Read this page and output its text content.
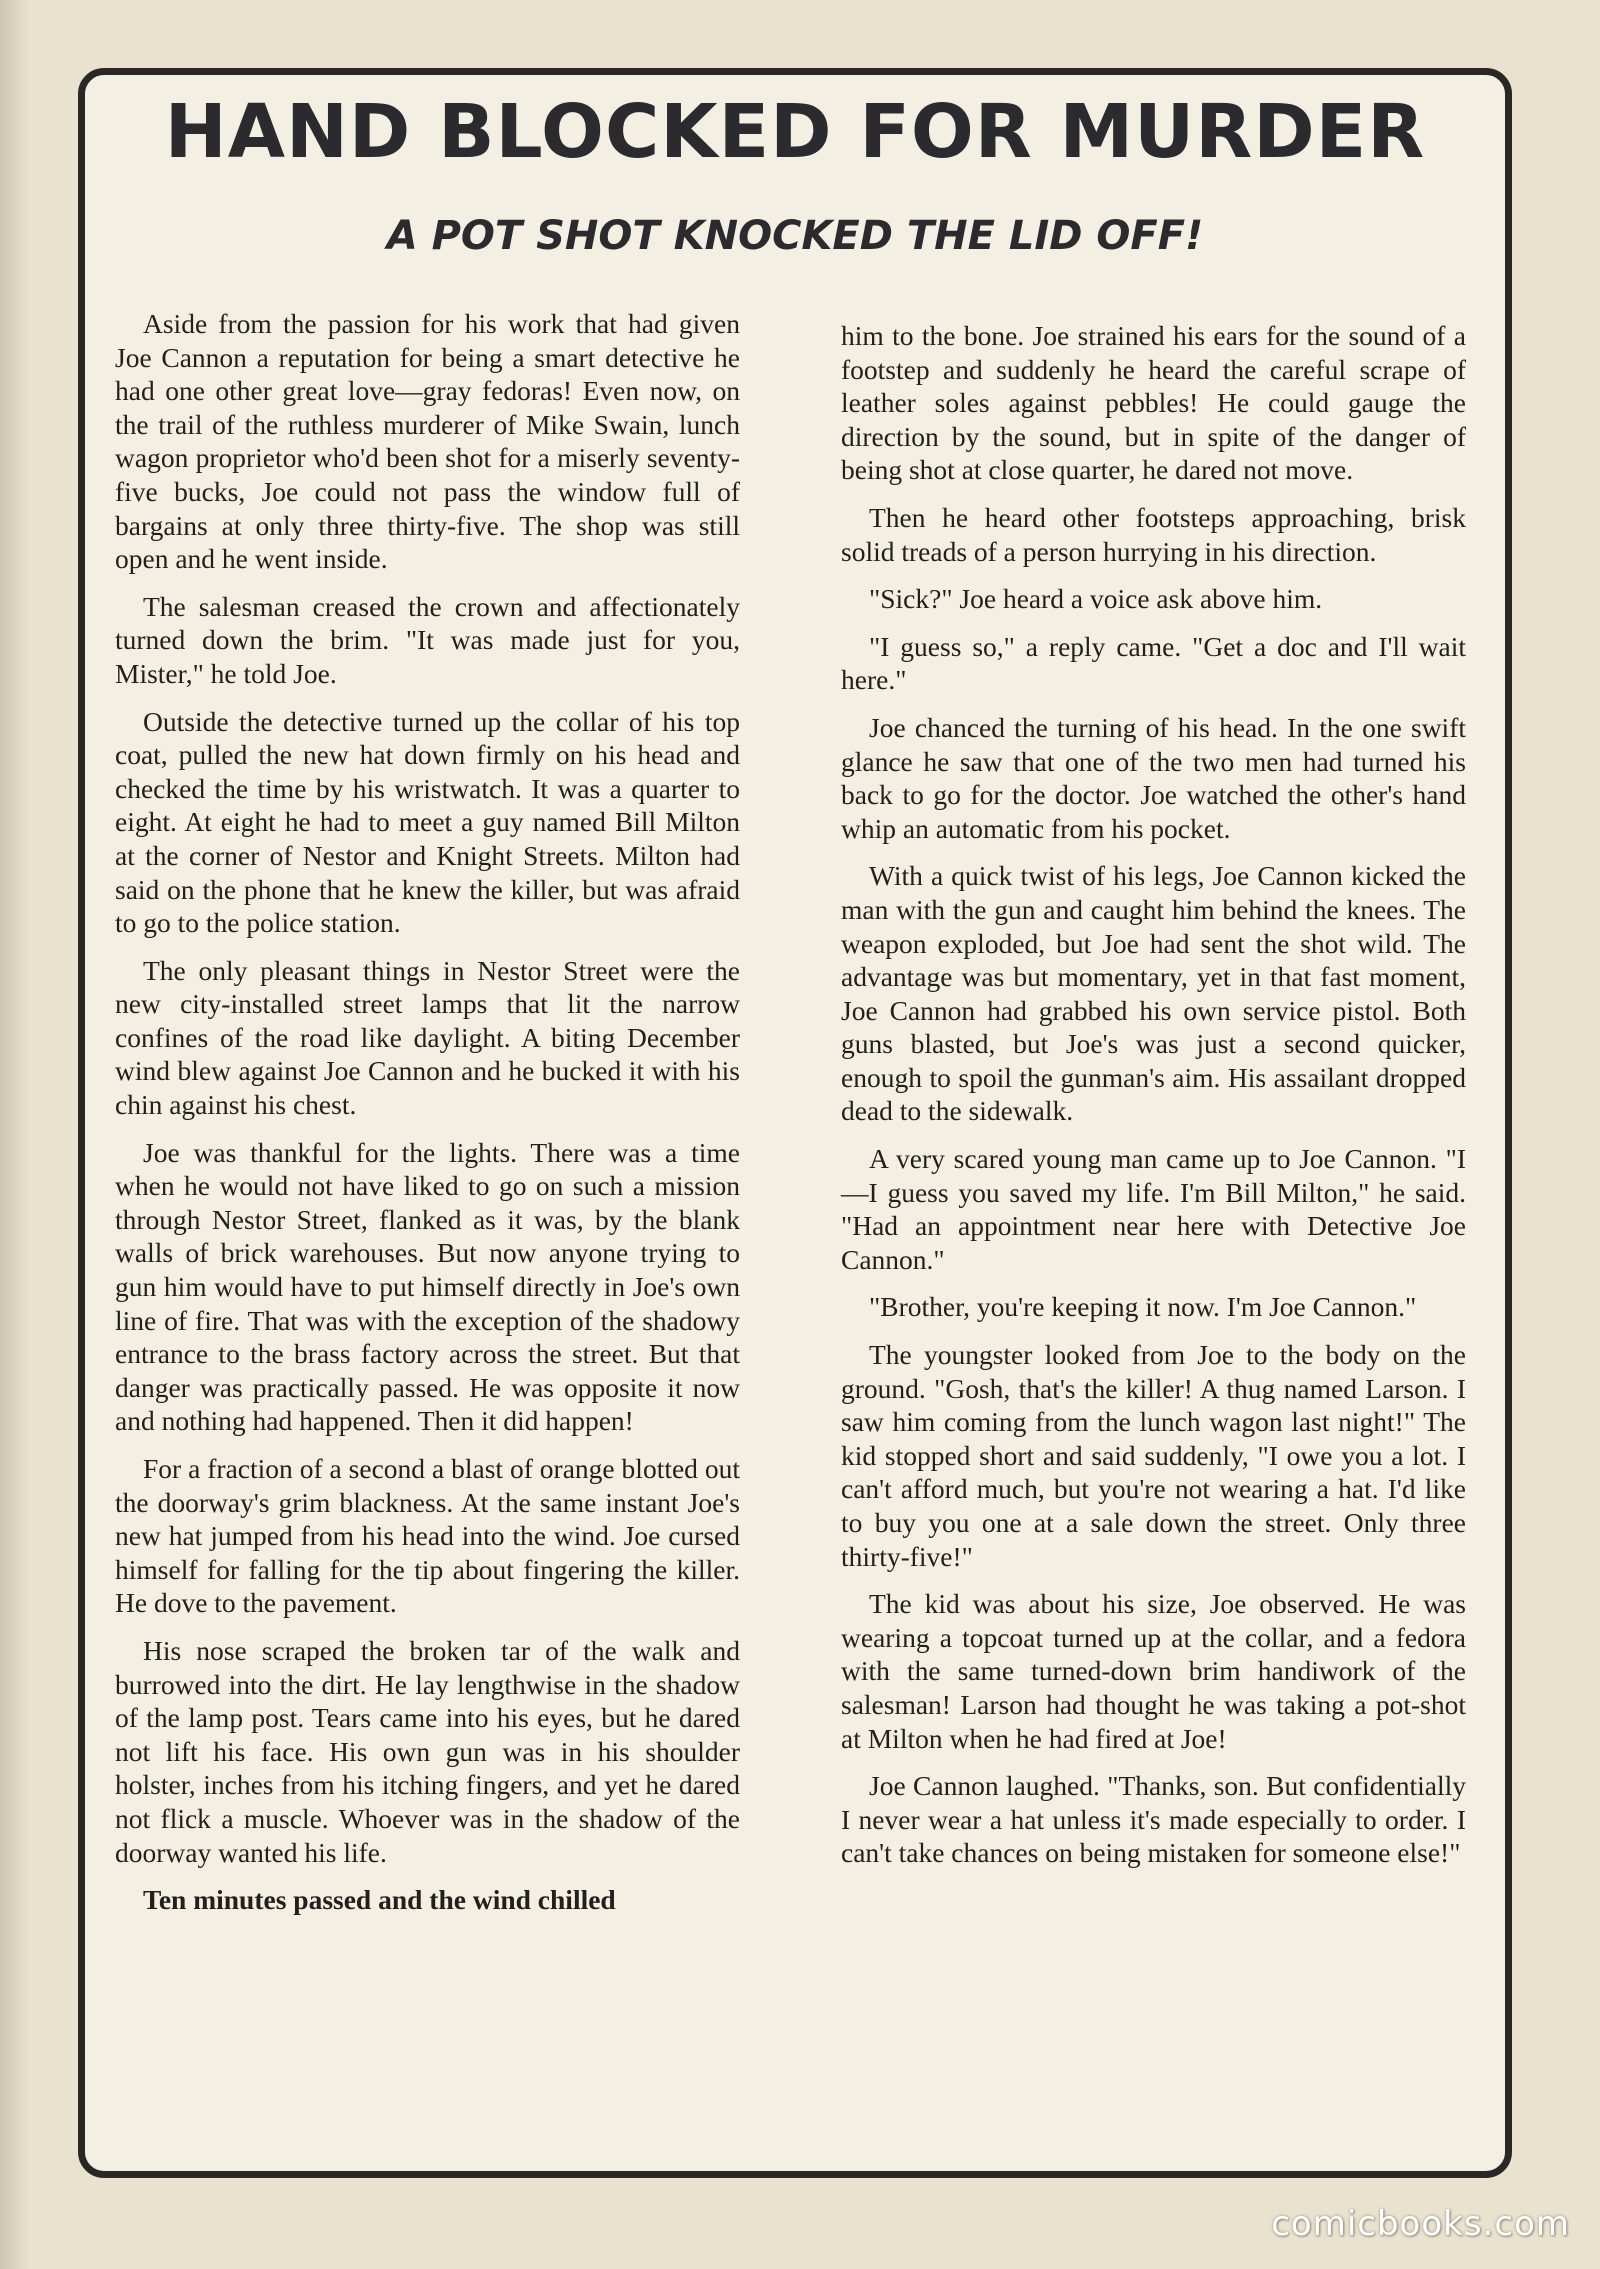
HAND BLOCKED FOR MURDER
A POT SHOT KNOCKED THE LID OFF!

Aside from the passion for his work that had given Joe Cannon a reputation for being a smart detective he had one other great love—gray fedoras! Even now, on the trail of the ruthless murderer of Mike Swain, lunch wagon proprietor who'd been shot for a miserly seventy-five bucks, Joe could not pass the window full of bargains at only three thirty-five. The shop was still open and he went inside.

The salesman creased the crown and affectionately turned down the brim. "It was made just for you, Mister," he told Joe.

Outside the detective turned up the collar of his top coat, pulled the new hat down firmly on his head and checked the time by his wristwatch. It was a quarter to eight. At eight he had to meet a guy named Bill Milton at the corner of Nestor and Knight Streets. Milton had said on the phone that he knew the killer, but was afraid to go to the police station.

The only pleasant things in Nestor Street were the new city-installed street lamps that lit the narrow confines of the road like daylight. A biting December wind blew against Joe Cannon and he bucked it with his chin against his chest.

Joe was thankful for the lights. There was a time when he would not have liked to go on such a mission through Nestor Street, flanked as it was, by the blank walls of brick warehouses. But now anyone trying to gun him would have to put himself directly in Joe's own line of fire. That was with the exception of the shadowy entrance to the brass factory across the street. But that danger was practically passed. He was opposite it now and nothing had happened. Then it did happen!

For a fraction of a second a blast of orange blotted out the doorway's grim blackness. At the same instant Joe's new hat jumped from his head into the wind. Joe cursed himself for falling for the tip about fingering the killer. He dove to the pavement.

His nose scraped the broken tar of the walk and burrowed into the dirt. He lay lengthwise in the shadow of the lamp post. Tears came into his eyes, but he dared not lift his face. His own gun was in his shoulder holster, inches from his itching fingers, and yet he dared not flick a muscle. Whoever was in the shadow of the doorway wanted his life.

Ten minutes passed and the wind chilled

him to the bone. Joe strained his ears for the sound of a footstep and suddenly he heard the careful scrape of leather soles against pebbles! He could gauge the direction by the sound, but in spite of the danger of being shot at close quarter, he dared not move.

Then he heard other footsteps approaching, brisk solid treads of a person hurrying in his direction.

"Sick?" Joe heard a voice ask above him.

"I guess so," a reply came. "Get a doc and I'll wait here."

Joe chanced the turning of his head. In the one swift glance he saw that one of the two men had turned his back to go for the doctor. Joe watched the other's hand whip an automatic from his pocket.

With a quick twist of his legs, Joe Cannon kicked the man with the gun and caught him behind the knees. The weapon exploded, but Joe had sent the shot wild. The advantage was but momentary, yet in that fast moment, Joe Cannon had grabbed his own service pistol. Both guns blasted, but Joe's was just a second quicker, enough to spoil the gunman's aim. His assailant dropped dead to the sidewalk.

A very scared young man came up to Joe Cannon. "I—I guess you saved my life. I'm Bill Milton," he said. "Had an appointment near here with Detective Joe Cannon."

"Brother, you're keeping it now. I'm Joe Cannon."

The youngster looked from Joe to the body on the ground. "Gosh, that's the killer! A thug named Larson. I saw him coming from the lunch wagon last night!" The kid stopped short and said suddenly, "I owe you a lot. I can't afford much, but you're not wearing a hat. I'd like to buy you one at a sale down the street. Only three thirty-five!"

The kid was about his size, Joe observed. He was wearing a topcoat turned up at the collar, and a fedora with the same turned-down brim handiwork of the salesman! Larson had thought he was taking a pot-shot at Milton when he had fired at Joe!

Joe Cannon laughed. "Thanks, son. But confidentially I never wear a hat unless it's made especially to order. I can't take chances on being mistaken for someone else!"

comicbooks.com
